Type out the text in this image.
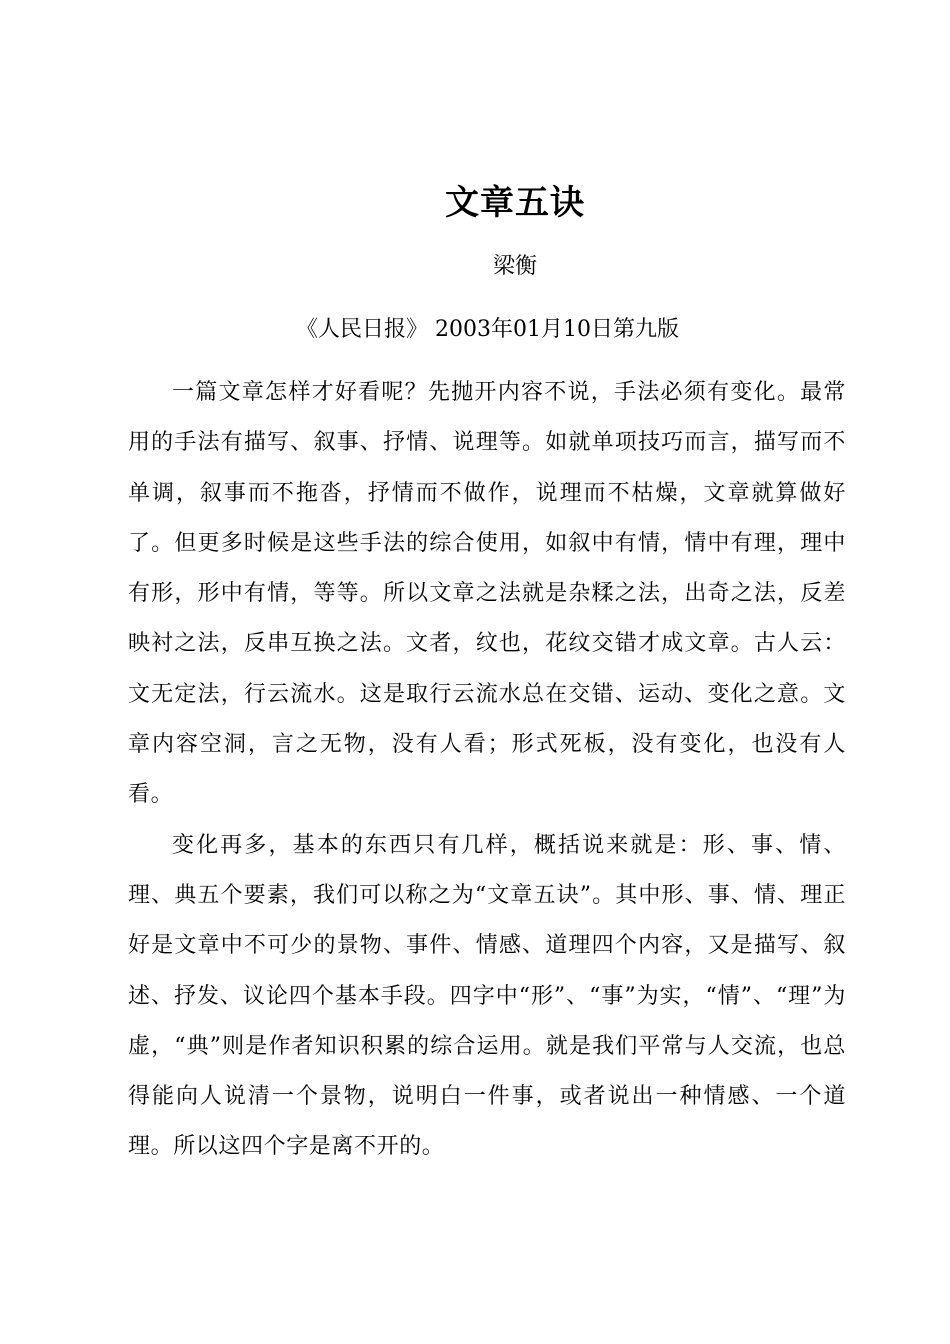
文章五诀
梁衡
《人民日报》 2003年01月10日第九版

一篇文章怎样才好看呢？先抛开内容不说，手法必须有变化。最常用的手法有描写、叙事、抒情、说理等。如就单项技巧而言，描写而不单调，叙事而不拖沓，抒情而不做作，说理而不枯燥，文章就算做好了。但更多时候是这些手法的综合使用，如叙中有情，情中有理，理中有形，形中有情，等等。所以文章之法就是杂糅之法，出奇之法，反差映衬之法，反串互换之法。文者，纹也，花纹交错才成文章。古人云：文无定法，行云流水。这是取行云流水总在交错、运动、变化之意。文章内容空洞，言之无物，没有人看；形式死板，没有变化，也没有人看。

变化再多，基本的东西只有几样，概括说来就是：形、事、情、理、典五个要素，我们可以称之为“文章五诀”。其中形、事、情、理正好是文章中不可少的景物、事件、情感、道理四个内容，又是描写、叙述、抒发、议论四个基本手段。四字中“形”、“事”为实，“情”、“理”为虚，“典”则是作者知识积累的综合运用。就是我们平常与人交流，也总得能向人说清一个景物，说明白一件事，或者说出一种情感、一个道理。所以这四个字是离不开的。
